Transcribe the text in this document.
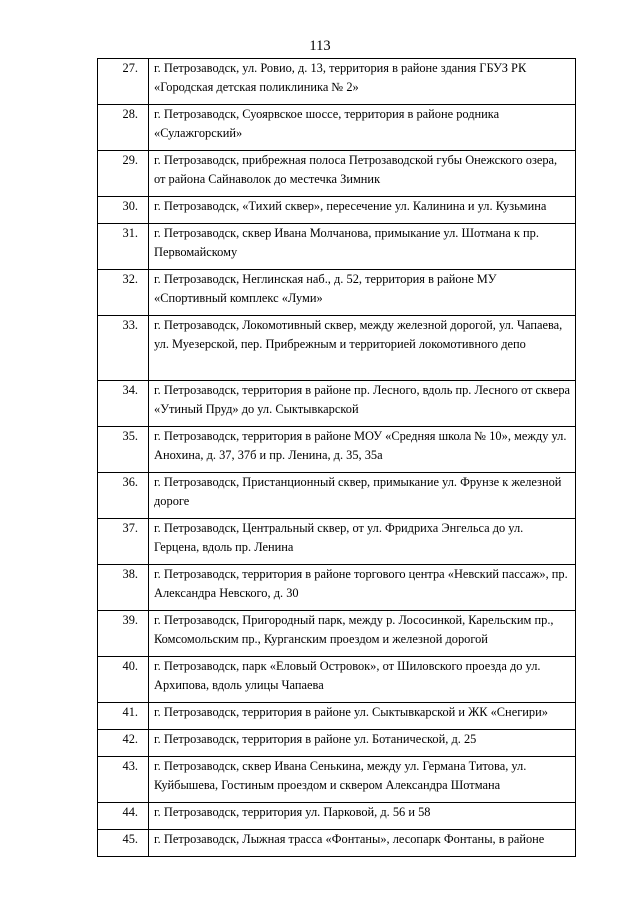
113
27.	г. Петрозаводск, ул. Ровио, д. 13, территория в районе здания ГБУЗ РК «Городская детская поликлиника № 2»
28.	г. Петрозаводск, Суоярвское шоссе, территория в районе родника «Сулажгорский»
29.	г. Петрозаводск, прибрежная полоса Петрозаводской губы Онежского озера, от района Сайнаволок до местечка Зимник
30.	г. Петрозаводск, «Тихий сквер», пересечение ул. Калинина и ул. Кузьмина
31.	г. Петрозаводск, сквер Ивана Молчанова, примыкание ул. Шотмана к пр. Первомайскому
32.	г. Петрозаводск, Неглинская наб., д. 52, территория в районе МУ «Спортивный комплекс «Луми»
33.	г. Петрозаводск, Локомотивный сквер, между железной дорогой, ул. Чапаева, ул. Муезерской, пер. Прибрежным и территорией локомотивного депо
34.	г. Петрозаводск, территория в районе пр. Лесного, вдоль пр. Лесного от сквера «Утиный Пруд» до ул. Сыктывкарской
35.	г. Петрозаводск, территория в районе МОУ «Средняя школа № 10», между ул. Анохина, д. 37, 37б и пр. Ленина, д. 35, 35а
36.	г. Петрозаводск, Пристанционный сквер, примыкание ул. Фрунзе к железной дороге
37.	г. Петрозаводск, Центральный сквер, от ул. Фридриха Энгельса до ул. Герцена, вдоль пр. Ленина
38.	г. Петрозаводск, территория в районе торгового центра «Невский пассаж», пр. Александра Невского, д. 30
39.	г. Петрозаводск, Пригородный парк, между р. Лососинкой, Карельским пр., Комсомольским пр., Курганским проездом и железной дорогой
40.	г. Петрозаводск, парк «Еловый Островок», от Шиловского проезда до ул. Архипова, вдоль улицы Чапаева
41.	г. Петрозаводск, территория в районе ул. Сыктывкарской и ЖК «Снегири»
42.	г. Петрозаводск, территория в районе ул. Ботанической, д. 25
43.	г. Петрозаводск, сквер Ивана Сенькина, между ул. Германа Титова, ул. Куйбышева, Гостиным проездом и сквером Александра Шотмана
44.	г. Петрозаводск, территория ул. Парковой, д. 56 и 58
45.	г. Петрозаводск, Лыжная трасса «Фонтаны», лесопарк Фонтаны, в районе
